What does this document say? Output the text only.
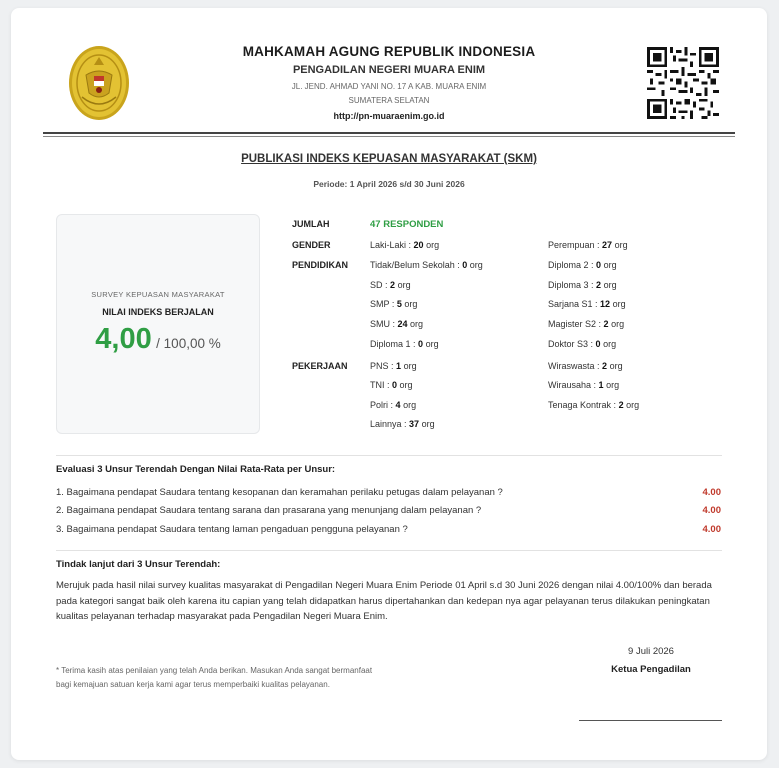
MAHKAMAH AGUNG REPUBLIK INDONESIA
PENGADILAN NEGERI MUARA ENIM
JL. JEND. AHMAD YANI NO. 17 A KAB. MUARA ENIM
SUMATERA SELATAN
http://pn-muaraenim.go.id
PUBLIKASI INDEKS KEPUASAN MASYARAKAT (SKM)
Periode: 1 April 2026 s/d 30 Juni 2026
SURVEY KEPUASAN MASYARAKAT
NILAI INDEKS BERJALAN
4,00 / 100,00 %
JUMLAH	47 RESPONDEN
GENDER	Laki-Laki : 20 org	Perempuan : 27 org
PENDIDIKAN Tidak/Belum Sekolah : 0 org	Diploma 2 : 0 org
SD : 2 org	Diploma 3 : 2 org
SMP : 5 org	Sarjana S1 : 12 org
SMU : 24 org	Magister S2 : 2 org
Diploma 1 : 0 org	Doktor S3 : 0 org
PEKERJAAN PNS : 1 org	Wiraswasta : 2 org
TNI : 0 org	Wirausaha : 1 org
Polri : 4 org	Tenaga Kontrak : 2 org
Lainnya : 37 org
Evaluasi 3 Unsur Terendah Dengan Nilai Rata-Rata per Unsur:
1. Bagaimana pendapat Saudara tentang kesopanan dan keramahan perilaku petugas dalam pelayanan ?	4.00
2. Bagaimana pendapat Saudara tentang sarana dan prasarana yang menunjang dalam pelayanan ?	4.00
3. Bagaimana pendapat Saudara tentang laman pengaduan pengguna pelayanan ?	4.00
Tindak lanjut dari 3 Unsur Terendah:
Merujuk pada hasil nilai survey kualitas masyarakat di Pengadilan Negeri Muara Enim Periode 01 April s.d 30 Juni 2026 dengan nilai 4.00/100% dan berada pada kategori sangat baik oleh karena itu capian yang telah didapatkan harus dipertahankan dan kedepan nya agar pelayanan terus dilakukan peningkatan kualitas pelayanan terhadap masyarakat pada Pengadilan Negeri Muara Enim.
9 Juli 2026
Ketua Pengadilan
* Terima kasih atas penilaian yang telah Anda berikan. Masukan Anda sangat bermanfaat bagi kemajuan satuan kerja kami agar terus memperbaiki kualitas pelayanan.
